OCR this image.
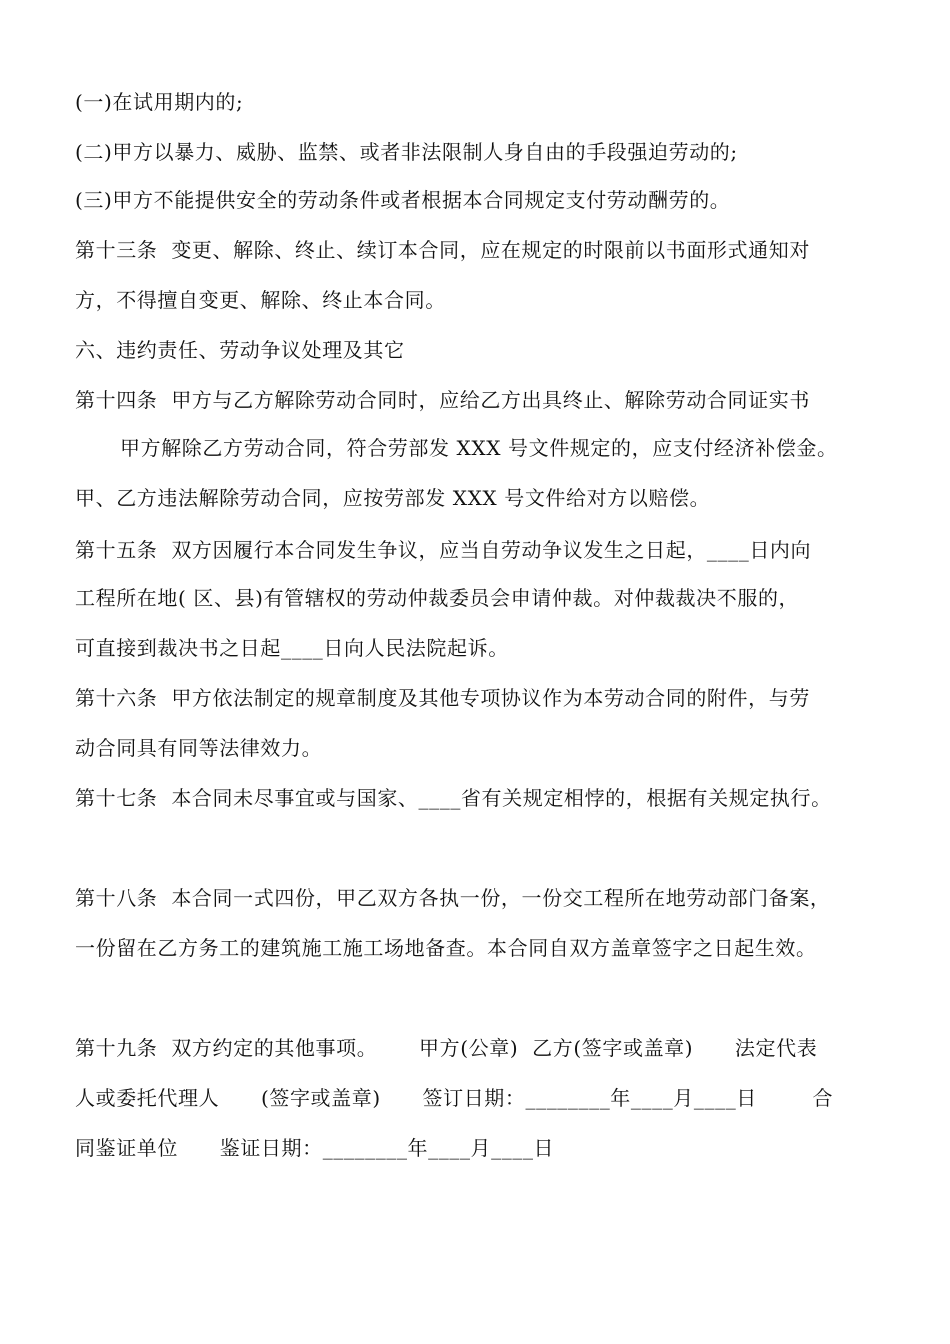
(一)在试用期内的;
(二)甲方以暴力、威胁、监禁、或者非法限制人身自由的手段强迫劳动的;
(三)甲方不能提供安全的劳动条件或者根据本合同规定支付劳动酬劳的。
第十三条  变更、解除、终止、续订本合同，应在规定的时限前以书面形式通知对
方，不得擅自变更、解除、终止本合同。
六、违约责任、劳动争议处理及其它
第十四条  甲方与乙方解除劳动合同时，应给乙方出具终止、解除劳动合同证实书
甲方解除乙方劳动合同，符合劳部发 XXX 号文件规定的，应支付经济补偿金。
甲、乙方违法解除劳动合同，应按劳部发 XXX 号文件给对方以赔偿。
第十五条  双方因履行本合同发生争议，应当自劳动争议发生之日起，____日内向
工程所在地( 区、县)有管辖权的劳动仲裁委员会申请仲裁。对仲裁裁决不服的，
可直接到裁决书之日起____日向人民法院起诉。
第十六条  甲方依法制定的规章制度及其他专项协议作为本劳动合同的附件，与劳
动合同具有同等法律效力。
第十七条  本合同未尽事宜或与国家、____省有关规定相悖的，根据有关规定执行。
第十八条  本合同一式四份，甲乙双方各执一份，一份交工程所在地劳动部门备案，
一份留在乙方务工的建筑施工施工场地备查。本合同自双方盖章签字之日起生效。
第十九条  双方约定的其他事项。      甲方(公章)  乙方(签字或盖章)      法定代表
人或委托代理人      (签字或盖章)      签订日期：________年____月____日        合
同鉴证单位      鉴证日期：________年____月____日
